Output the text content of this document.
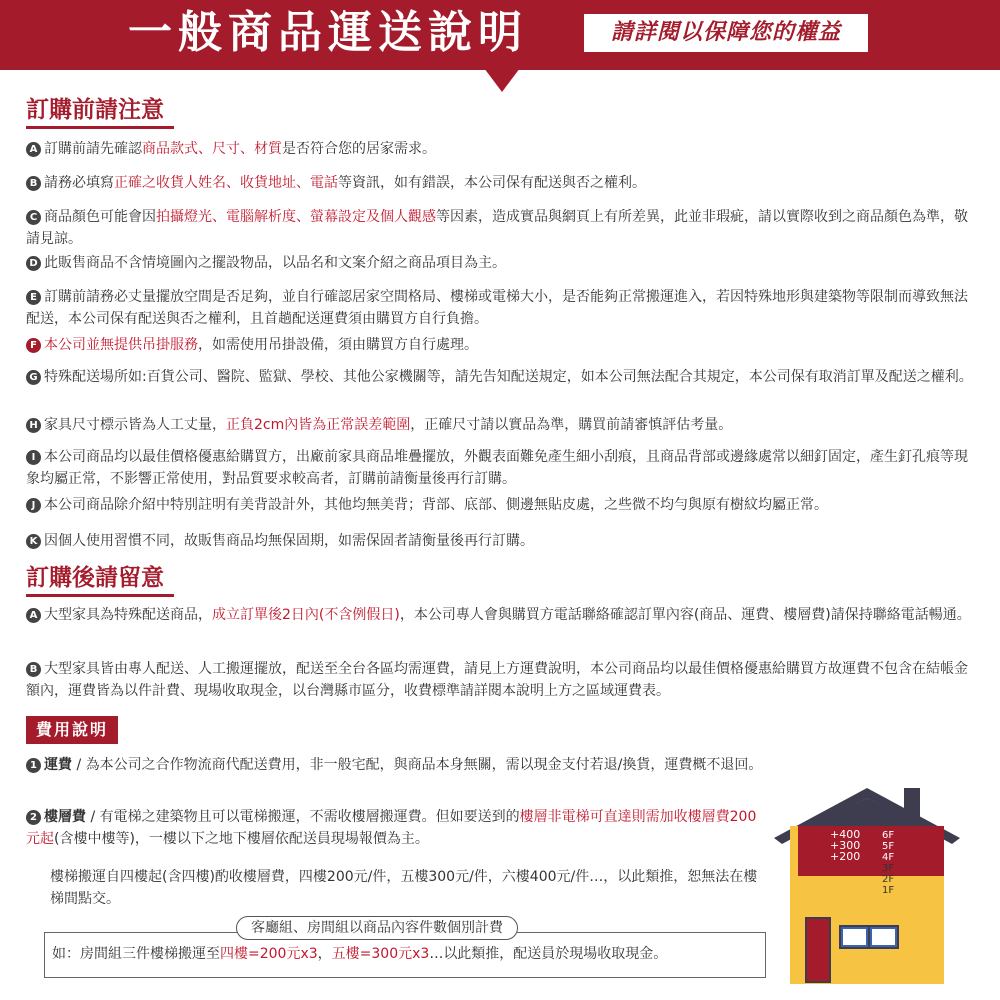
一般商品運送說明	請詳閱以保障您的權益
訂購前請注意
A 訂購前請先確認商品款式、尺寸、材質是否符合您的居家需求。
B 請務必填寫正確之收貨人姓名、收貨地址、電話等資訊，如有錯誤，本公司保有配送與否之權利。
C 商品顏色可能會因拍攝燈光、電腦解析度、螢幕設定及個人觀感等因素，造成實品與網頁上有所差異，此並非瑕疵，請以實際收到之商品顏色為準，敬請見諒。
D 此販售商品不含情境圖內之擺設物品，以品名和文案介紹之商品項目為主。
E 訂購前請務必丈量擺放空間是否足夠，並自行確認居家空間格局、樓梯或電梯大小，是否能夠正常搬運進入，若因特殊地形與建築物等限制而導致無法配送，本公司保有配送與否之權利，且首趟配送運費須由購買方自行負擔。
F 本公司並無提供吊掛服務，如需使用吊掛設備，須由購買方自行處理。
G 特殊配送場所如:百貨公司、醫院、監獄、學校、其他公家機關等，請先告知配送規定，如本公司無法配合其規定，本公司保有取消訂單及配送之權利。
H 家具尺寸標示皆為人工丈量，正負2cm內皆為正常誤差範圍，正確尺寸請以實品為準，購買前請審慎評估考量。
I 本公司商品均以最佳價格優惠給購買方，出廠前家具商品堆疊擺放，外觀表面難免產生細小刮痕，且商品背部或邊緣處常以細釘固定，產生釘孔痕等現象均屬正常，不影響正常使用，對品質要求較高者，訂購前請衡量後再行訂購。
J 本公司商品除介紹中特別註明有美背設計外，其他均無美背；背部、底部、側邊無貼皮處，之些微不均勻與原有樹紋均屬正常。
K 因個人使用習慣不同，故販售商品均無保固期，如需保固者請衡量後再行訂購。
訂購後請留意
A 大型家具為特殊配送商品，成立訂單後2日內(不含例假日)，本公司專人會與購買方電話聯絡確認訂單內容(商品、運費、樓層費)請保持聯絡電話暢通。
B 大型家具皆由專人配送、人工搬運擺放，配送至全台各區均需運費，請見上方運費說明，本公司商品均以最佳價格優惠給購買方故運費不包含在結帳金額內，運費皆為以件計費、現場收取現金，以台灣縣市區分，收費標準請詳閱本說明上方之區域運費表。
費用說明
1 運費 / 為本公司之合作物流商代配送費用，非一般宅配，與商品本身無關，需以現金支付若退/換貨，運費概不退回。
2 樓層費 / 有電梯之建築物且可以電梯搬運，不需收樓層搬運費。但如要送到的樓層非電梯可直達則需加收樓層費200元起(含樓中樓等)，一樓以下之地下樓層依配送員現場報價為主。
樓梯搬運自四樓起(含四樓)酌收樓層費，四樓200元/件，五樓300元/件，六樓400元/件…，以此類推，恕無法在樓梯間點交。
客廳組、房間組以商品內容件數個別計費
如：房間組三件樓梯搬運至四樓=200元x3，五樓=300元x3…以此類推，配送員於現場收取現金。
6F
5F
4F
3F
2F
1F
+400
+300
+200
